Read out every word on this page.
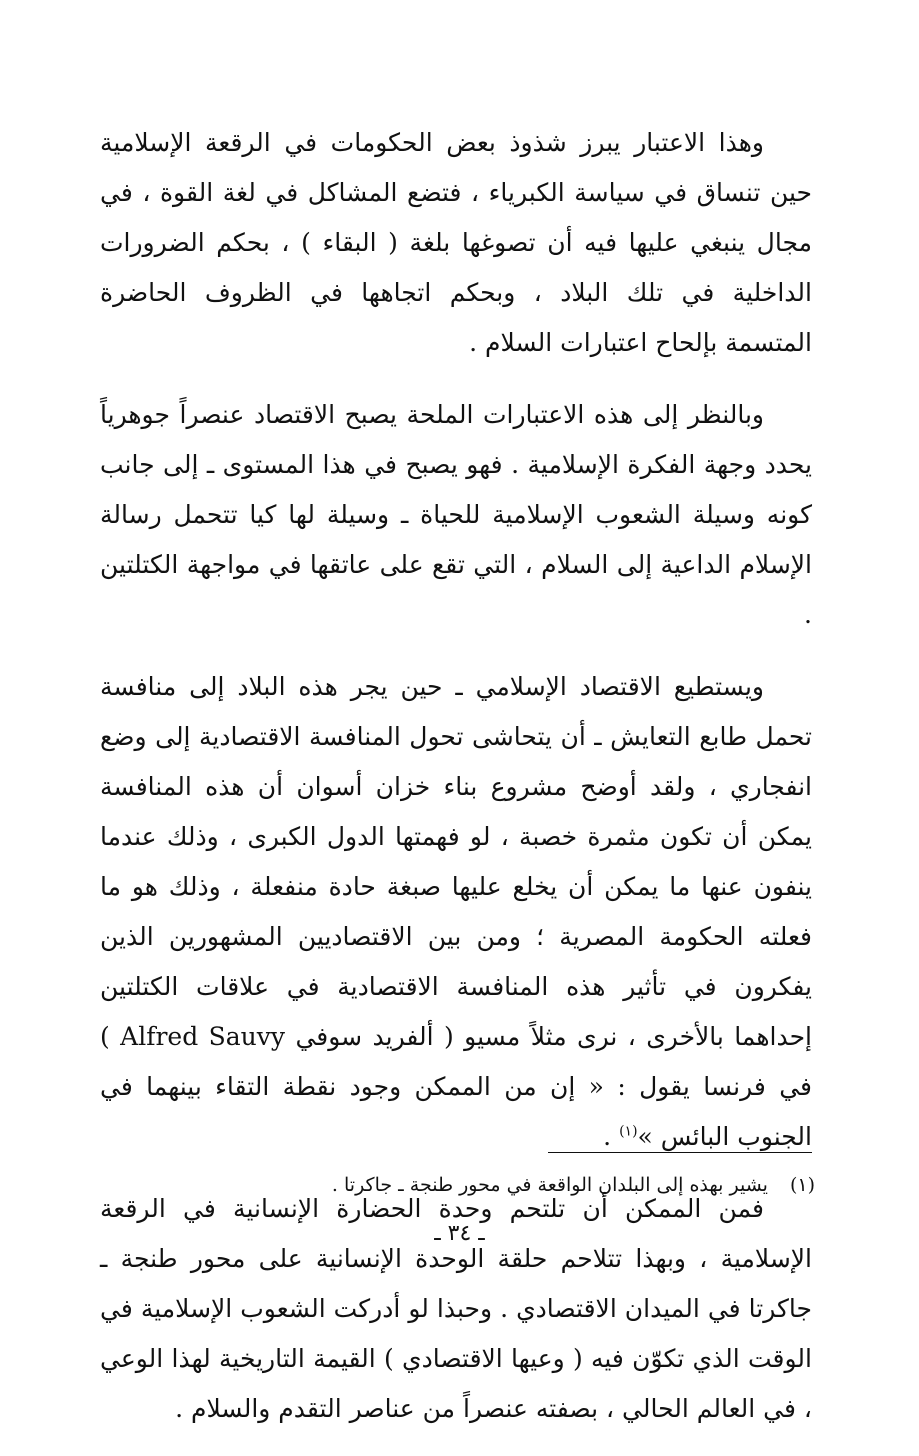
وهذا الاعتبار يبرز شذوذ بعض الحكومات في الرقعة الإسلامية حين تنساق في سياسة الكبرياء ، فتضع المشاكل في لغة القوة ، في مجال ينبغي عليها فيه أن تصوغها بلغة ( البقاء ) ، بحكم الضرورات الداخلية في تلك البلاد ، وبحكم اتجاهها في الظروف الحاضرة المتسمة بإلحاح اعتبارات السلام .

وبالنظر إلى هذه الاعتبارات الملحة يصبح الاقتصاد عنصراً جوهرياً يحدد وجهة الفكرة الإسلامية . فهو يصبح في هذا المستوى ـ إلى جانب كونه وسيلة الشعوب الإسلامية للحياة ـ وسيلة لها كيا تتحمل رسالة الإسلام الداعية إلى السلام ، التي تقع على عاتقها في مواجهة الكتلتين .

ويستطيع الاقتصاد الإسلامي ـ حين يجر هذه البلاد إلى منافسة تحمل طابع التعايش ـ أن يتحاشى تحول المنافسة الاقتصادية إلى وضع انفجاري ، ولقد أوضح مشروع بناء خزان أسوان أن هذه المنافسة يمكن أن تكون مثمرة خصبة ، لو فهمتها الدول الكبرى ، وذلك عندما ينفون عنها ما يمكن أن يخلع عليها صبغة حادة منفعلة ، وذلك هو ما فعلته الحكومة المصرية ؛ ومن بين الاقتصاديين المشهورين الذين يفكرون في تأثير هذه المنافسة الاقتصادية في علاقات الكتلتين إحداهما بالأخرى ، نرى مثلاً مسيو ( ألفريد سوفي Alfred Sauvy ) في فرنسا يقول : « إن من الممكن وجود نقطة التقاء بينهما في الجنوب البائس »$^{(١)}$ .

فمن الممكن أن تلتحم وحدة الحضارة الإنسانية في الرقعة الإسلامية ، وبهذا تتلاحم حلقة الوحدة الإنسانية على محور طنجة ـ جاكرتا في الميدان الاقتصادي . وحبذا لو أدركت الشعوب الإسلامية في الوقت الذي تكوّن فيه ( وعيها الاقتصادي ) القيمة التاريخية لهذا الوعي ، في العالم الحالي ، بصفته عنصراً من عناصر التقدم والسلام .

(١)يشير بهذه إلى البلدان الواقعة في محور طنجة ـ جاكرتا .
ـ ٣٤ ـ
